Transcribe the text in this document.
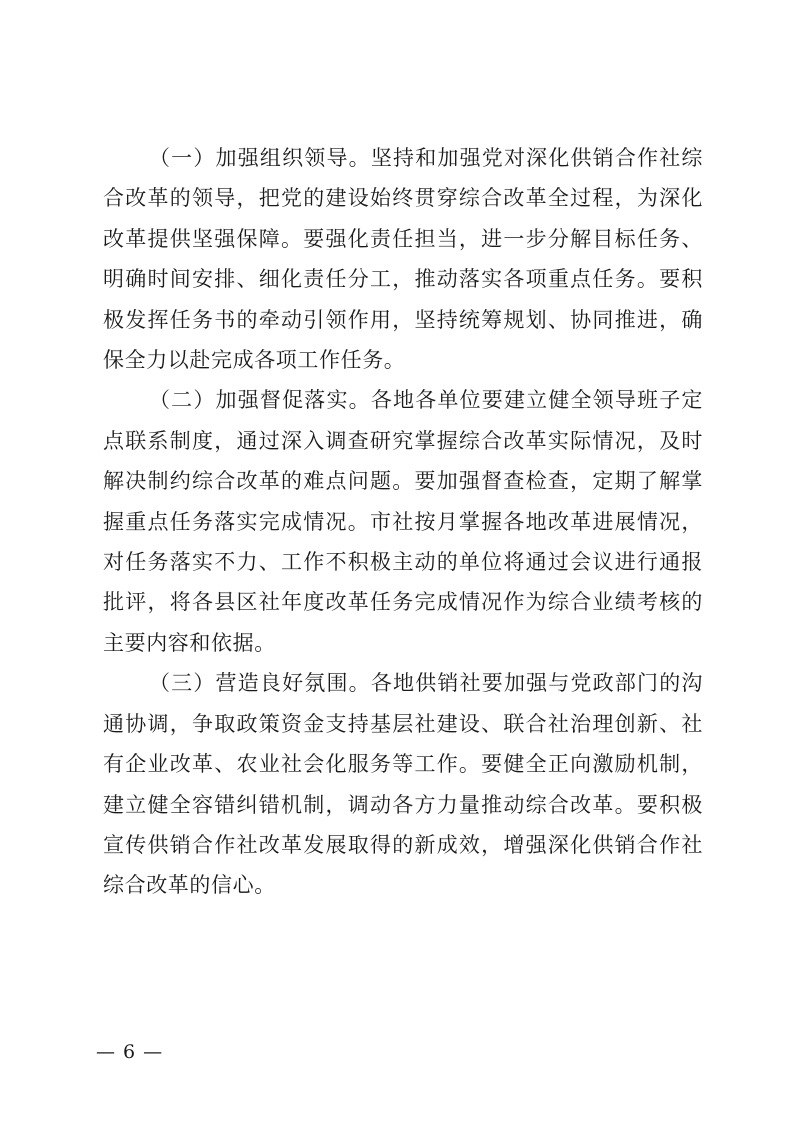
（一）加强组织领导。坚持和加强党对深化供销合作社综合改革的领导，把党的建设始终贯穿综合改革全过程，为深化改革提供坚强保障。要强化责任担当，进一步分解目标任务、明确时间安排、细化责任分工，推动落实各项重点任务。要积极发挥任务书的牵动引领作用，坚持统筹规划、协同推进，确保全力以赴完成各项工作任务。

（二）加强督促落实。各地各单位要建立健全领导班子定点联系制度，通过深入调查研究掌握综合改革实际情况，及时解决制约综合改革的难点问题。要加强督查检查，定期了解掌握重点任务落实完成情况。市社按月掌握各地改革进展情况，对任务落实不力、工作不积极主动的单位将通过会议进行通报批评，将各县区社年度改革任务完成情况作为综合业绩考核的主要内容和依据。

（三）营造良好氛围。各地供销社要加强与党政部门的沟通协调，争取政策资金支持基层社建设、联合社治理创新、社有企业改革、农业社会化服务等工作。要健全正向激励机制，建立健全容错纠错机制，调动各方力量推动综合改革。要积极宣传供销合作社改革发展取得的新成效，增强深化供销合作社综合改革的信心。

— 6 —
